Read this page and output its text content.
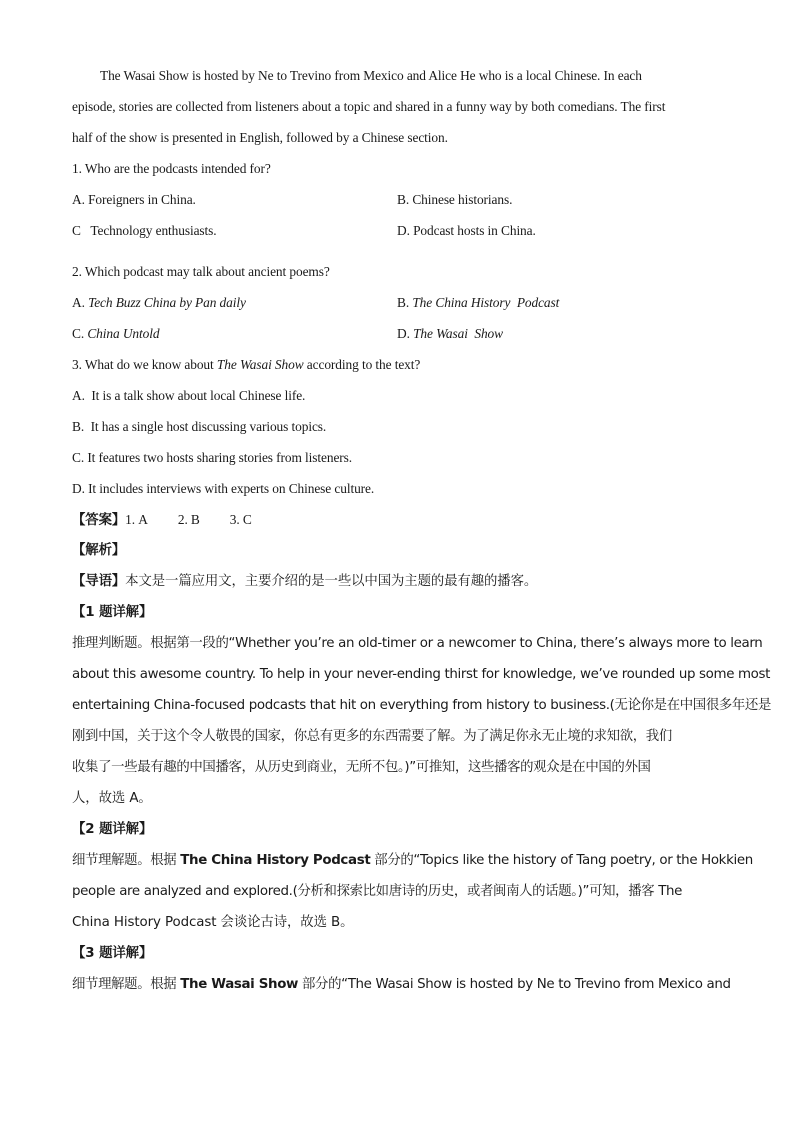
The Wasai Show is hosted by Ne to Trevino from Mexico and Alice He who is a local Chinese. In each
episode, stories are collected from listeners about a topic and shared in a funny way by both comedians. The first
half of the show is presented in English, followed by a Chinese section.
1. Who are the podcasts intended for?
A. Foreigners in China.	B. Chinese historians.
C   Technology enthusiasts.	D. Podcast hosts in China.
2. Which podcast may talk about ancient poems?
A. Tech Buzz China by Pan daily	B. The China History  Podcast
C. China Untold	D. The Wasai  Show
3. What do we know about The Wasai Show according to the text?
A.  It is a talk show about local Chinese life.
B.  It has a single host discussing various topics.
C. It features two hosts sharing stories from listeners.
D. It includes interviews with experts on Chinese culture.
【答案】1. A 2. B 3. C
【解析】
【导语】本文是一篇应用文，主要介绍的是一些以中国为主题的最有趣的播客。
【1 题详解】
推理判断题。根据第一段的“Whether you’re an old-timer or a newcomer to China, there’s always more to learn
about this awesome country. To help in your never-ending thirst for knowledge, we’ve rounded up some most
entertaining China-focused podcasts that hit on everything from history to business.(无论你是在中国很多年还是
刚到中国，关于这个令人敬畏的国家，你总有更多的东西需要了解。为了满足你永无止境的求知欲，我们
收集了一些最有趣的中国播客，从历史到商业，无所不包。)”可推知，这些播客的观众是在中国的外国
人，故选 A。
【2 题详解】
细节理解题。根据 The China History Podcast 部分的“Topics like the history of Tang poetry, or the Hokkien
people are analyzed and explored.(分析和探索比如唐诗的历史，或者闽南人的话题。)”可知，播客 The
China History Podcast 会谈论古诗，故选 B。
【3 题详解】
细节理解题。根据 The Wasai Show 部分的“The Wasai Show is hosted by Ne to Trevino from Mexico and
